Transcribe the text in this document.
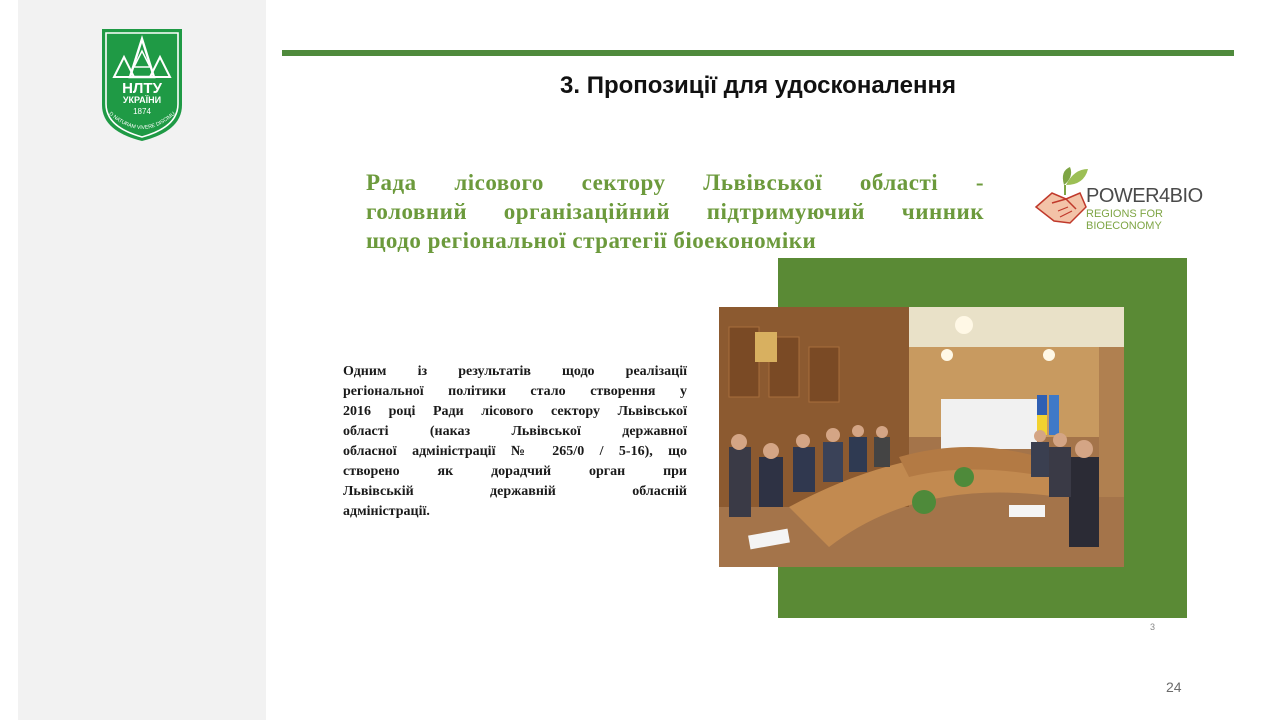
НЛТУ
УКРАЇНИ
1874
D NATURAM VIVERE DISCIMU
3. Пропозиції для удосконалення
Рада лісового сектору Львівської області -
головний організаційний підтримуючий чинник
щодо регіональної стратегії біоекономіки
POWER4BIO
REGIONS FOR
BIOECONOMY
Одним із результатів щодо реалізації
регіональної політики стало створення у
2016 році Ради лісового сектору Львівської
області (наказ Львівської державної
обласної адміністрації № 265/0 / 5-16), що
створено як дорадчий орган при
Львівській державній обласній
адміністрації.
3
24
